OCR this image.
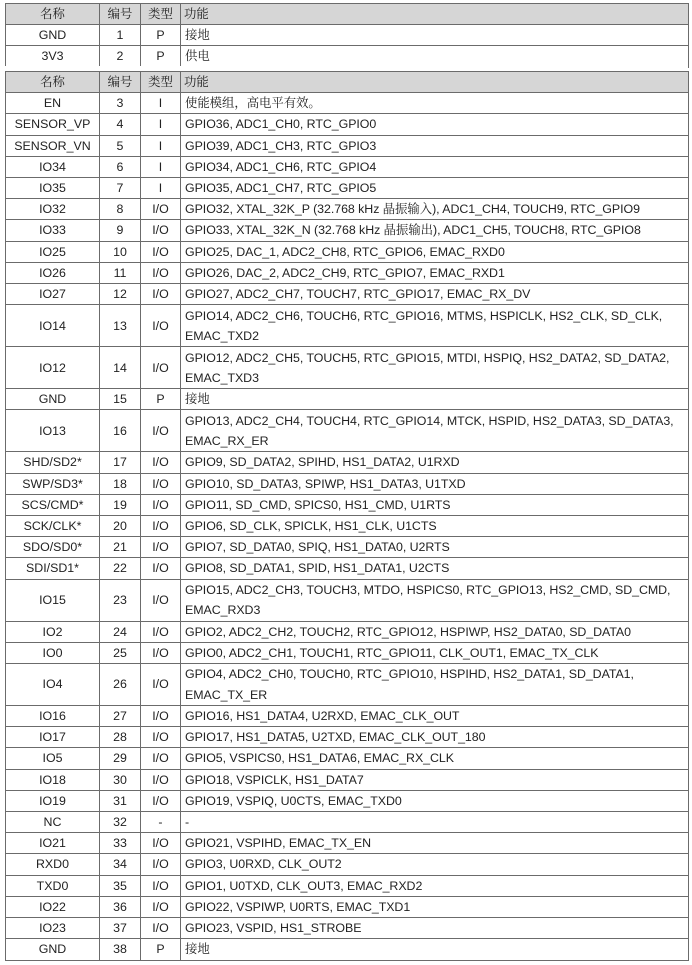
名称	编号	类型	功能
GND	1	P	接地
3V3	2	P	供电
名称	编号	类型	功能
EN	3	I	使能模组，高电平有效。
SENSOR_VP	4	I	GPIO36, ADC1_CH0, RTC_GPIO0
SENSOR_VN	5	I	GPIO39, ADC1_CH3, RTC_GPIO3
IO34	6	I	GPIO34, ADC1_CH6, RTC_GPIO4
IO35	7	I	GPIO35, ADC1_CH7, RTC_GPIO5
IO32	8	I/O	GPIO32, XTAL_32K_P (32.768 kHz 晶振输入), ADC1_CH4, TOUCH9, RTC_GPIO9
IO33	9	I/O	GPIO33, XTAL_32K_N (32.768 kHz 晶振输出), ADC1_CH5, TOUCH8, RTC_GPIO8
IO25	10	I/O	GPIO25, DAC_1, ADC2_CH8, RTC_GPIO6, EMAC_RXD0
IO26	11	I/O	GPIO26, DAC_2, ADC2_CH9, RTC_GPIO7, EMAC_RXD1
IO27	12	I/O	GPIO27, ADC2_CH7, TOUCH7, RTC_GPIO17, EMAC_RX_DV
IO14	13	I/O	GPIO14, ADC2_CH6, TOUCH6, RTC_GPIO16, MTMS, HSPICLK, HS2_CLK, SD_CLK, EMAC_TXD2
IO12	14	I/O	GPIO12, ADC2_CH5, TOUCH5, RTC_GPIO15, MTDI, HSPIQ, HS2_DATA2, SD_DATA2, EMAC_TXD3
GND	15	P	接地
IO13	16	I/O	GPIO13, ADC2_CH4, TOUCH4, RTC_GPIO14, MTCK, HSPID, HS2_DATA3, SD_DATA3, EMAC_RX_ER
SHD/SD2*	17	I/O	GPIO9, SD_DATA2, SPIHD, HS1_DATA2, U1RXD
SWP/SD3*	18	I/O	GPIO10, SD_DATA3, SPIWP, HS1_DATA3, U1TXD
SCS/CMD*	19	I/O	GPIO11, SD_CMD, SPICS0, HS1_CMD, U1RTS
SCK/CLK*	20	I/O	GPIO6, SD_CLK, SPICLK, HS1_CLK, U1CTS
SDO/SD0*	21	I/O	GPIO7, SD_DATA0, SPIQ, HS1_DATA0, U2RTS
SDI/SD1*	22	I/O	GPIO8, SD_DATA1, SPID, HS1_DATA1, U2CTS
IO15	23	I/O	GPIO15, ADC2_CH3, TOUCH3, MTDO, HSPICS0, RTC_GPIO13, HS2_CMD, SD_CMD, EMAC_RXD3
IO2	24	I/O	GPIO2, ADC2_CH2, TOUCH2, RTC_GPIO12, HSPIWP, HS2_DATA0, SD_DATA0
IO0	25	I/O	GPIO0, ADC2_CH1, TOUCH1, RTC_GPIO11, CLK_OUT1, EMAC_TX_CLK
IO4	26	I/O	GPIO4, ADC2_CH0, TOUCH0, RTC_GPIO10, HSPIHD, HS2_DATA1, SD_DATA1, EMAC_TX_ER
IO16	27	I/O	GPIO16, HS1_DATA4, U2RXD, EMAC_CLK_OUT
IO17	28	I/O	GPIO17, HS1_DATA5, U2TXD, EMAC_CLK_OUT_180
IO5	29	I/O	GPIO5, VSPICS0, HS1_DATA6, EMAC_RX_CLK
IO18	30	I/O	GPIO18, VSPICLK, HS1_DATA7
IO19	31	I/O	GPIO19, VSPIQ, U0CTS, EMAC_TXD0
NC	32	-	-
IO21	33	I/O	GPIO21, VSPIHD, EMAC_TX_EN
RXD0	34	I/O	GPIO3, U0RXD, CLK_OUT2
TXD0	35	I/O	GPIO1, U0TXD, CLK_OUT3, EMAC_RXD2
IO22	36	I/O	GPIO22, VSPIWP, U0RTS, EMAC_TXD1
IO23	37	I/O	GPIO23, VSPID, HS1_STROBE
GND	38	P	接地
